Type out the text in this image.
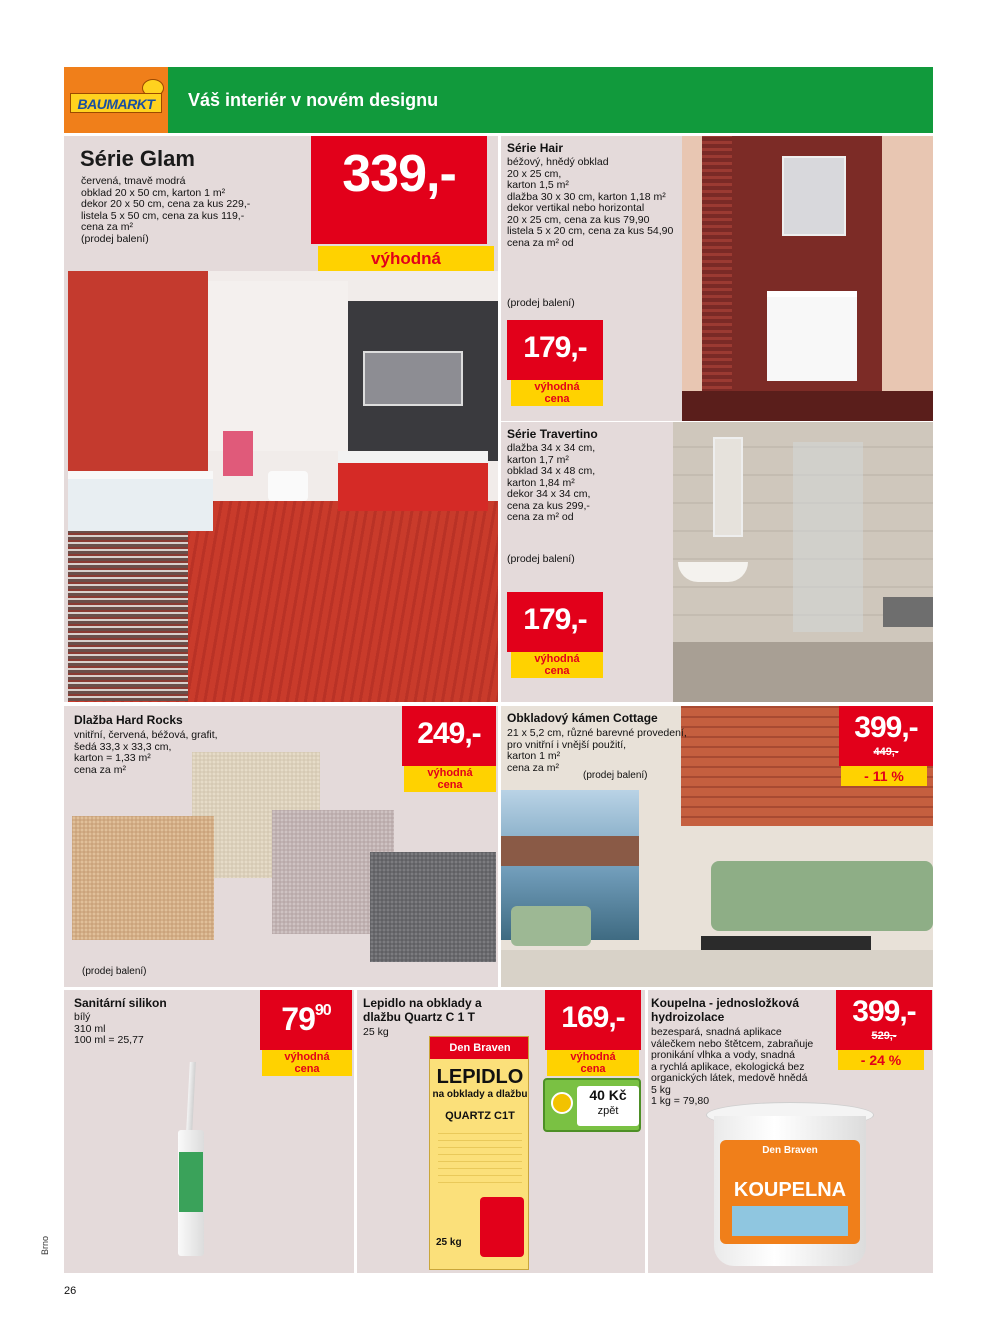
BAUMARKT	Váš interiér v novém designu
Série Glam
červená, tmavě modrá
obklad 20 x 50 cm, karton 1 m²
dekor 20 x 50 cm, cena za kus 229,-
listela 5 x 50 cm, cena za kus 119,-
cena za m²
(prodej balení)
339,-
výhodná
Série Hair
béžový, hnědý obklad
20 x 25 cm,
karton 1,5 m²
dlažba 30 x 30 cm, karton 1,18 m²
dekor vertikal nebo horizontal
20 x 25 cm, cena za kus 79,90
listela 5 x 20 cm, cena za kus 54,90
cena za m² od
(prodej balení)
179,-
výhodná cena
Série Travertino
dlažba 34 x 34 cm,
karton 1,7 m²
obklad 34 x 48 cm,
karton 1,84 m²
dekor 34 x 34 cm,
cena za kus 299,-
cena za m² od
(prodej balení)
179,-
výhodná cena
Dlažba Hard Rocks
vnitřní, červená, béžová, grafit,
šedá 33,3 x 33,3 cm,
karton = 1,33 m²
cena za m²
249,-
výhodná cena
(prodej balení)
Obkladový kámen Cottage
21 x 5,2 cm, různé barevné provedení,
pro vnitřní i vnější použití,
karton 1 m²
cena za m²
(prodej balení)
399,-
449,-
- 11 %
Sanitární silikon
bílý
310 ml
100 ml = 25,77
7990
výhodná cena
Lepidlo na obklady a dlažbu Quartz C 1 T
25 kg	169,-
výhodná cena
40 Kč
zpět
Den Braven
LEPIDLO
na obklady a dlažbu
QUARTZ C1T
25 kg
Koupelna - jednosložková hydroizolace
bezespará, snadná aplikace
válečkem nebo štětcem, zabraňuje
pronikání vlhka a vody, snadná
a rychlá aplikace, ekologická bez
organických látek, medově hnědá
5 kg
1 kg = 79,80
399,-
529,-
- 24 %
Den Braven
KOUPELNA
Brno
26
